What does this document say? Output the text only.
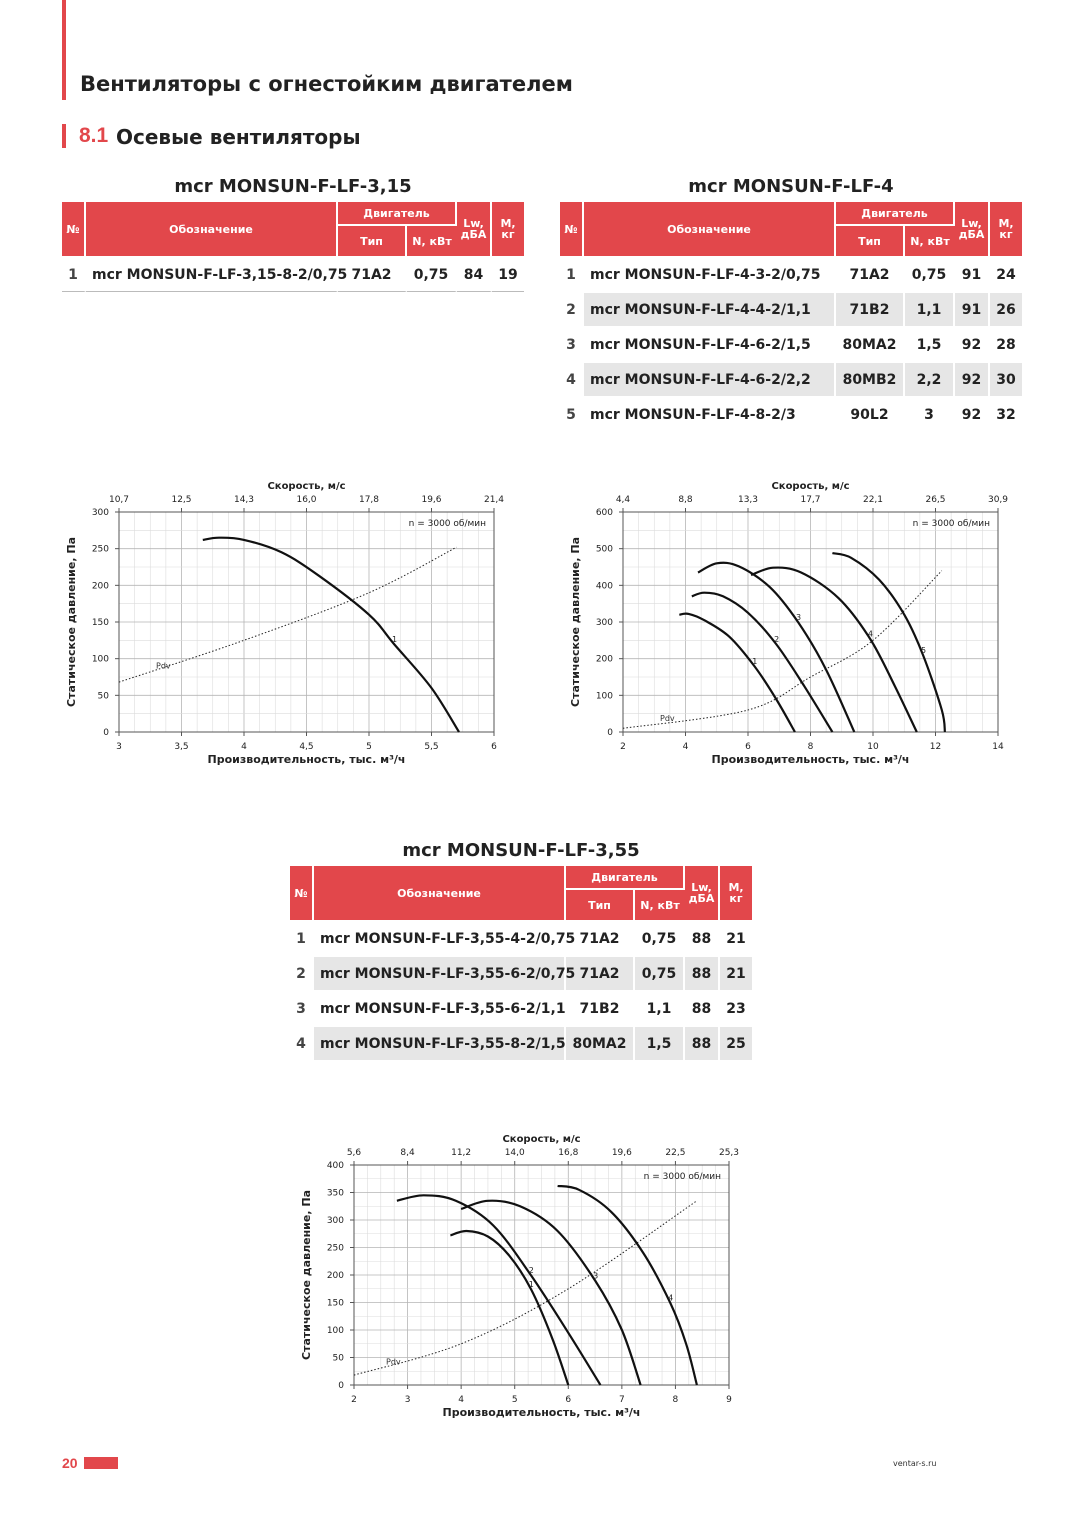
Вентиляторы с огнестойким двигателем
8.1 Осевые вентиляторы
mcr MONSUN-F-LF-3,15
№	Обозначение	Двигатель		Lw, дБА	М, кг
		Тип	N, кВт		
1	mcr MONSUN-F-LF-3,15-8-2/0,75	71A2	0,75	84	19
mcr MONSUN-F-LF-4
№	Обозначение	Двигатель		Lw, дБА	М, кг
		Тип	N, кВт		
1	mcr MONSUN-F-LF-4-3-2/0,75	71A2	0,75	91	24
2	mcr MONSUN-F-LF-4-4-2/1,1	71B2	1,1	91	26
3	mcr MONSUN-F-LF-4-6-2/1,5	80MA2	1,5	92	28
4	mcr MONSUN-F-LF-4-6-2/2,2	80MB2	2,2	92	30
5	mcr MONSUN-F-LF-4-8-2/3	90L2	3	92	32
3	3,5	4	4,5	5	5,5	6
10,7	12,5	14,3	16,0	17,8	19,6	21,4
0
50
100
150
200
250
300
Скорость, м/с
Производительность, тыс. м³/ч
Статическое давление, Па
n = 3000 об/мин
Pdv
1
2	4	6	8	10	12	14
4,4	8,8	13,3	17,7	22,1	26,5	30,9
0
100
200
300
400
500
600
Скорость, м/с
Производительность, тыс. м³/ч
Статическое давление, Па
n = 3000 об/мин
Pdv
1
2
3
4
5
mcr MONSUN-F-LF-3,55
№	Обозначение	Двигатель		Lw, дБА	М, кг
		Тип	N, кВт		
1	mcr MONSUN-F-LF-3,55-4-2/0,75	71A2	0,75	88	21
2	mcr MONSUN-F-LF-3,55-6-2/0,75	71A2	0,75	88	21
3	mcr MONSUN-F-LF-3,55-6-2/1,1	71B2	1,1	88	23
4	mcr MONSUN-F-LF-3,55-8-2/1,5	80MA2	1,5	88	25
2	3	4	5	6	7	8	9
5,6	8,4	11,2	14,0	16,8	19,6	22,5	25,3
0
50
100
150
200
250
300
350
400
Скорость, м/с
Производительность, тыс. м³/ч
Статическое давление, Па
n = 3000 об/мин
Pdv
1
2
3
4
20	ventar-s.ru
